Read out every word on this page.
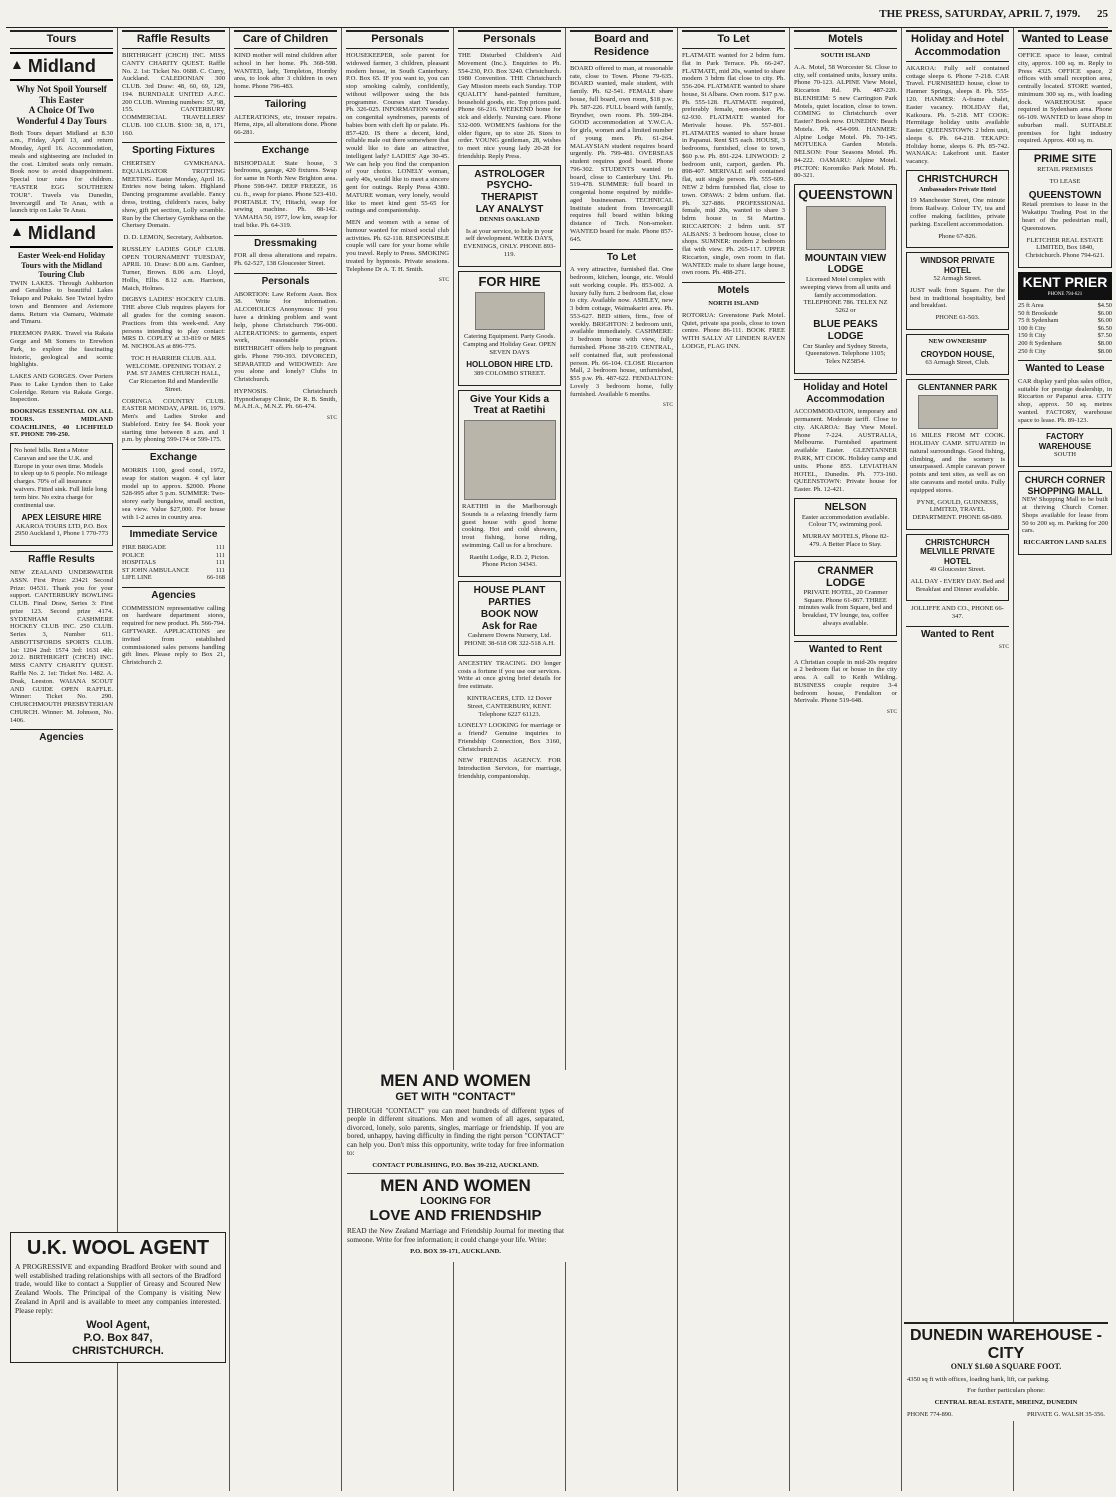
THE PRESS, SATURDAY, APRIL 7, 1979. 25
Tours
▲ Midland
Why Not Spoil Yourself This Easter
A Choice Of Two Wonderful 4 Day Tours
Both Tours depart Midland at 8.30 a.m., Friday, April 13, and return Monday, April 16. Accommodation, meals and sightseeing are included in the cost. Limited seats only remain. Book now to avoid disappointment. Special tour rates for children. "EASTER EGG SOUTHERN TOUR". Travels via Dunedin, Invercargill and Te Anau, with a launch trip on Lake Te Anau.
▲ Midland
Easter Week-end Holiday Tours with the Midland Touring Club
TWIN LAKES. Through Ashburton and Geraldine to beautiful Lakes Tekapo and Pukaki. See Twizel hydro town and Benmore and Aviemore dams. Return via Oamaru, Waimate and Timaru.
FREEMON PARK. Travel via Rakaia Gorge and Mt Somers to Erewhon Park, to explore the fascinating historic, geological and scenic highlights.
LAKES AND GORGES. Over Porters Pass to Lake Lyndon then to Lake Coleridge. Return via Rakaia Gorge. Inspection.
BOOKINGS ESSENTIAL ON ALL TOURS. MIDLAND COACHLINES, 40 LICHFIELD ST. PHONE 799-250.
No hotel bills. Rent a Motor Caravan and see the U.K. and Europe in your own time. Models to sleep up to 6 people. No mileage charges. 70% of all insurance waivers. Fitted sink. Full little long term hire. No extra charge for continental use.
APEX LEISURE HIRE
AKAROA TOURS LTD, P.O. Box 2950 Auckland 1, Phone 1 770-773
Raffle Results
NEW ZEALAND UNDERWATER ASSN. First Prize: 23421 Second Prize: 04531. Thank you for your support. CANTERBURY BOWLING CLUB. Final Draw, Series 3: First prize 123. Second prize 4174. SYDENHAM CASHMERE HOCKEY CLUB INC. 250 CLUB. Series 3, Number 611. ABBOTTSFORDS SPORTS CLUB. 1st: 1204 2nd: 1574 3rd: 1631 4th: 2012. BIRTHRIGHT (CHCH) INC. MISS CANTY CHARITY QUEST. Raffle No. 2. 1st: Ticket No. 1482. A. Doak, Leeston. WAIANA SCOUT AND GUIDE OPEN RAFFLE. Winner: Ticket No. 290. CHURCHMOUTH PRESBYTERIAN CHURCH. Winner: M. Johnson, No. 1406.
Agencies
Raffle Results
BIRTHRIGHT (CHCH) INC. MISS CANTY CHARITY QUEST. Raffle No. 2. 1st: Ticket No. 0688. C. Curry, Auckland. CALEDONIAN 300 CLUB. 3rd Draw: 48, 60, 69, 129, 194. BURNDALE UNITED A.F.C. 200 CLUB. Winning numbers: 57, 98, 155. CANTERBURY COMMERCIAL TRAVELLERS' CLUB. 100 CLUB. $100: 38, 8, 171, 160.
Sporting Fixtures
CHERTSEY GYMKHANA. EQUALISATOR TROTTING MEETING. Easter Monday, April 16. Entries now being taken. Highland Dancing programme available. Fancy dress, trotting, children's races, baby show, gift pet section, Lolly scramble. Run by the Chertsey Gymkhana on the Chertsey Domain.
D. D. LEMON, Secretary, Ashburton.
RUSSLEY LADIES GOLF CLUB. OPEN TOURNAMENT TUESDAY, APRIL 10. Draw: 8.00 a.m. Gardner, Turner, Brown. 8.06 a.m. Lloyd, Hollis, Ellis. 8.12 a.m. Harrison, Maich, Holmes.
DIGBYS LADIES' HOCKEY CLUB. THE above Club requires players for all grades for the coming season. Practices from this week-end. Any persons intending to play contact: MRS D. COPLEY at 33-819 or MRS M. NICHOLAS at 896-775.
TOC H HARRIER CLUB. ALL WELCOME. OPENING TODAY. 2 P.M. ST JAMES CHURCH HALL, Car Riccarton Rd and Mandeville Street.
CORINGA COUNTRY CLUB. EASTER MONDAY, APRIL 16, 1979. Men's and Ladies Stroke and Stableford. Entry fee $4. Book your starting time between 8 a.m. and 1 p.m. by phoning 599-174 or 599-175.
Exchange
MORRIS 1100, good cond., 1972, swap for station wagon. 4 cyl later model up to approx. $2000. Phone 528-995 after 5 p.m. SUMMER: Two-storey early bungalow, small section, sea view. Value $27,000. For house with 1-2 acres in country area.
Immediate Service
FIRE BRIGADE	111
POLICE	111
HOSPITALS	111
ST JOHN AMBULANCE	111
LIFE LINE	66-168
Agencies
COMMISSION representative calling on hardware department stores, required for new product. Ph. 566-794. GIFTWARE. APPLICATIONS are invited from established commissioned sales persons handling gift lines. Please reply to Box 21, Christchurch 2.
Care of Children
KIND mother will mind children after school in her home. Ph. 368-598. WANTED, lady, Templeton, Hornby area, to look after 3 children in own home. Phone 796-483.
Tailoring
ALTERATIONS, etc, trouser repairs. Hems, zips, all alterations done. Phone 66-281.
Exchange
BISHOPDALE State house, 3 bedrooms, garage, 420 fixtures. Swap for same in North New Brighton area. Phone 598-947. DEEP FREEZE, 16 cu. ft., swap for piano. Phone 523-410. PORTABLE TV, Hitachi, swap for sewing machine. Ph. 88-142. YAMAHA 50, 1977, low km, swap for trail bike. Ph. 64-319.
Dressmaking
FOR all dress alterations and repairs. Ph. 62-527, 138 Gloucester Street.
Personals
ABORTION: Law Reform Assn. Box 38. Write for information. ALCOHOLICS Anonymous: If you have a drinking problem and want help, phone Christchurch 796-000. ALTERATIONS: to garments, expert work, reasonable prices. BIRTHRIGHT offers help to pregnant girls. Phone 799-393. DIVORCED, SEPARATED and WIDOWED: Are you alone and lonely? Clubs in Christchurch.
HYPNOSIS. Christchurch Hypnotherapy Clinic, Dr R. B. Smith, M.A.H.A., M.N.Z. Ph. 66-474.
STC
Personals
HOUSEKEEPER, sole parent for widowed farmer, 3 children, pleasant modern house, in South Canterbury. P.O. Box 65. IF you want to, you can stop smoking calmly, confidently, without willpower using the Isis programme. Courses start Tuesday. Ph. 326-025. INFORMATION wanted on congenital syndromes, parents of babies born with cleft lip or palate. Ph. 857-420. IS there a decent, kind, reliable male out there somewhere that would like to date an attractive, intelligent lady? LADIES' Age 30-45. We can help you find the companion of your choice. LONELY woman, early 40s, would like to meet a sincere gent for outings. Reply Press 4380. MATURE woman, very lonely, would like to meet kind gent 55-65 for outings and companionship.
MEN and women with a sense of humour wanted for mixed social club activities. Ph. 62-118. RESPONSIBLE couple will care for your home while you travel. Reply to Press. SMOKING treated by hypnosis. Private sessions. Telephone Dr A. T. H. Smith.
STC
Personals
THE Disturbed Children's Aid Movement (Inc.). Enquiries to Ph. 554-230, P.O. Box 3240. Christchurch. 1980 Convention. THE Christchurch Gay Mission meets each Sunday. TOP QUALITY hand-painted furniture, household goods, etc. Top prices paid. Phone 66-216. WEEKEND home for sick and elderly. Nursing care. Phone 532-009. WOMEN'S fashions for the older figure, up to size 26. Sizes to order. YOUNG gentleman, 28, wishes to meet nice young lady 20-28 for friendship. Reply Press.
ASTROLOGER
PSYCHO-
THERAPIST
LAY ANALYST
DENNIS OAKLAND
Is at your service, to help in your self development. WEEK DAYS, EVENINGS, ONLY. PHONE 893-119.
FOR HIRE
Catering Equipment. Party Goods. Camping and Holiday Gear. OPEN SEVEN DAYS
HOLLOBON HIRE LTD.
389 COLOMBO STREET.
Give Your Kids a Treat at Raetihi
RAETIHI in the Marlborough Sounds is a relaxing friendly farm guest house with good home cooking. Hot and cold showers, trout fishing, horse riding, swimming. Call us for a brochure.
Raetihi Lodge, R.D. 2, Picton. Phone Picton 34343.
HOUSE PLANT
PARTIES
BOOK NOW
Ask for Rae
Cashmere Downs Nursery, Ltd. PHONE 38-618 OR 322-518 A.H.
ANCESTRY TRACING. DO longer costs a fortune if you use our services. Write at once giving brief details for free estimate.
KINTRACERS, LTD. 12 Dover Street, CANTERBURY, KENT. Telephone 6227 61123.
LONELY? LOOKING for marriage or a friend? Genuine inquiries to Friendship Connection, Box 3160, Christchurch 2.
NEW FRIENDS AGENCY. FOR Introduction Services, for marriage, friendship, companionship.
Board and Residence
BOARD offered to man, at reasonable rate, close to Town. Phone 79-635. BOARD wanted, male student, with family. Ph. 62-541. FEMALE share house, full board, own room, $18 p.w. Ph. 587-226. FULL board with family, Bryndwr, own room. Ph. 599-284. GOOD accommodation at Y.W.C.A. for girls, women and a limited number of young men. Ph. 61-264. MALAYSIAN student requires board urgently. Ph. 799-481. OVERSEAS student requires good board. Phone 796-302. STUDENTS wanted to board, close to Canterbury Uni. Ph. 519-478. SUMMER: full board in congenial home required by middle-aged businessman. TECHNICAL Institute student from Invercargill requires full board within biking distance of Tech. Non-smoker. WANTED board for male. Phone 857-645.
To Let
A very attractive, furnished flat. One bedroom, kitchen, lounge, etc. Would suit working couple. Ph. 853-002. A luxury fully furn. 2 bedroom flat, close to city. Available now. ASHLEY, new 3 bdrm cottage, Waimakariri area. Ph. 553-627. BED sitters, firm., free of weekly. BRIGHTON: 2 bedroom unit, available immediately. CASHMERE: 3 bedroom home with view, fully furnished. Phone 38-219. CENTRAL, self contained flat, suit professional person. Ph. 66-104. CLOSE Riccarton Mall, 2 bedroom house, unfurnished, $55 p.w. Ph. 487-622. FENDALTON: Lovely 3 bedroom home, fully furnished. Available 6 months.
STC
To Let
FLATMATE wanted for 2 bdrm furn. flat in Park Terrace. Ph. 66-247. FLATMATE, mid 20s, wanted to share modern 3 bdrm flat close to city. Ph. 556-204. FLATMATE wanted to share house, St Albans. Own room. $17 p.w. Ph. 555-128. FLATMATE required, preferably female, non-smoker. Ph. 62-930. FLATMATE wanted for Merivale house. Ph. 557-801. FLATMATES wanted to share house in Papanui. Rent $15 each. HOUSE, 3 bedrooms, furnished, close to town, $60 p.w. Ph. 891-224. LINWOOD: 2 bedroom unit, carport, garden. Ph. 898-407. MERIVALE self contained flat, suit single person. Ph. 555-609. NEW 2 bdrm furnished flat, close to town. OPAWA: 2 bdrm unfurn. flat. Ph. 327-886. PROFESSIONAL female, mid 20s, wanted to share 3 bdrm house in St Martins. RICCARTON: 2 bdrm unit. ST ALBANS: 3 bedroom house, close to shops. SUMNER: modern 2 bedroom flat with view. Ph. 265-117. UPPER Riccarton, single, own room in flat. WANTED: male to share large house, own room. Ph. 488-271.
Motels
NORTH ISLAND
ROTORUA: Greenstone Park Motel. Quiet, private spa pools, close to town centre. Phone 86-111. BOOK FREE WITH SALLY AT LINDEN RAVEN LODGE, FLAG INN.
Motels
SOUTH ISLAND
A.A. Motel, 58 Worcester St. Close to city, self contained units, luxury units. Phone 70-123. ALPINE View Motel, Riccarton Rd. Ph. 487-220. BLENHEIM: 5 new Carrington Park Motels, quiet location, close to town. COMING to Christchurch over Easter? Book now. DUNEDIN: Beach Motels. Ph. 454-099. HANMER: Alpine Lodge Motel. Ph. 70-145. MOTUEKA Garden Motels. NELSON: Four Seasons Motel. Ph. 84-222. OAMARU: Alpine Motel. PICTON: Koromiko Park Motel. Ph. 80-321.
QUEENSTOWN
MOUNTAIN VIEW
LODGE
Licensed Motel complex with sweeping views from all units and family accommodation. TELEPHONE 786. TELEX NZ 5262 or
BLUE PEAKS LODGE
Cnr Stanley and Sydney Streets, Queenstown. Telephone 1105; Telex NZ5854.
Holiday and Hotel Accommodation
ACCOMMODATION, temporary and permanent. Moderate tariff. Close to city. AKAROA: Bay View Motel. Phone 7-224. AUSTRALIA, Melbourne. Furnished apartment available Easter. GLENTANNER PARK, MT COOK. Holiday camp and units. Phone 855. LEVIATHAN HOTEL, Dunedin. Ph. 773-160. QUEENSTOWN: Private house for Easter. Ph. 12-421.
NELSON
Easter accommodation available. Colour TV, swimming pool.
MURRAY MOTELS, Phone 82-479. A Better Place to Stay.
CRANMER LODGE
PRIVATE HOTEL, 20 Cranmer Square. Phone 61-867. THREE minutes walk from Square, bed and breakfast, TV lounge, tea, coffee always available.
Wanted to Rent
A Christian couple in mid-20s require a 2 bedroom flat or house in the city area. A call to Keith Wilding. BUSINESS couple require 3-4 bedroom house, Fendalton or Merivale. Phone 519-648.
STC
Holiday and Hotel Accommodation
AKAROA: Fully self contained cottage sleeps 6. Phone 7-218. CAR Travel. FURNISHED house, close to Hanmer Springs, sleeps 8. Ph. 555-120. HANMER: A-frame chalet, Easter vacancy. HOLIDAY flat, Kaikoura. Ph. 5-218. MT COOK: Hermitage holiday units available Easter. QUEENSTOWN: 2 bdrm unit, sleeps 6. Ph. 64-218. TEKAPO: Holiday home, sleeps 6. Ph. 85-742. WANAKA: Lakefront unit. Easter vacancy.
CHRISTCHURCH
Ambassadors Private Hotel
19 Manchester Street, One minute from Railway. Colour TV, tea and coffee making facilities, private parking. Excellent accommodation.
Phone 67-826.
WINDSOR PRIVATE HOTEL
52 Armagh Street.
JUST walk from Square. For the best in traditional hospitality, bed and breakfast.
PHONE 61-503.
NEW OWNERSHIP
CROYDON HOUSE,
63 Armagh Street, Club.
GLENTANNER PARK
16 MILES FROM MT COOK. HOLIDAY CAMP. SITUATED in natural surroundings. Good fishing, climbing, and the scenery is unsurpassed. Ample caravan power points and tent sites, as well as on site caravans and motel units. Fully equipped stores.
PYNE, GOULD, GUINNESS, LIMITED, TRAVEL DEPARTMENT. PHONE 68-089.
CHRISTCHURCH MELVILLE PRIVATE HOTEL
49 Gloucester Street.
ALL DAY - EVERY DAY. Bed and Breakfast and Dinner available.
JOLLIFFE AND CO., PHONE 66-347.
Wanted to Rent
STC
Wanted to Lease
OFFICE space to lease, central city, approx. 100 sq. m. Reply to Press 4325. OFFICE space, 2 offices with small reception area, centrally located. STORE wanted, minimum 300 sq. m., with loading dock. WAREHOUSE space required in Sydenham area. Phone 66-109. WANTED to lease shop in suburban mall. SUITABLE premises for light industry required. Approx. 400 sq. m.
PRIME SITE
RETAIL PREMISES
TO LEASE
QUEENSTOWN
Retail premises to lease in the Wakatipu Trading Post in the heart of the pedestrian mall, Queenstown.
FLETCHER REAL ESTATE LIMITED, Box 1840, Christchurch. Phone 794-621.
KENT PRIER
PHONE 794-621
25 ft Area	$4.50
50 ft Brookside	$6.00
75 ft Sydenham	$6.00
100 ft City	$6.50
150 ft City	$7.50
200 ft Sydenham	$8.00
250 ft City	$8.00
Wanted to Lease
CAR display yard plus sales office, suitable for prestige dealership, in Riccarton or Papanui area. CITY shop, approx. 50 sq. metres wanted. FACTORY, warehouse space to lease. Ph. 89-123.
FACTORY WAREHOUSE
SOUTH
CHURCH CORNER
SHOPPING MALL
NEW Shopping Mall to be built at thriving Church Corner. Shops available for lease from 50 to 200 sq. m. Parking for 200 cars.
RICCARTON LAND SALES
U.K. WOOL AGENT
A PROGRESSIVE and expanding Bradford Broker with sound and well established trading relationships with all sectors of the Bradford trade, would like to contact a Supplier of Greasy and Scoured New Zealand Wools. The Principal of the Company is visiting New Zealand in April and is available to meet any companies interested. Please reply:
Wool Agent,
P.O. Box 847,
CHRISTCHURCH.
MEN AND WOMEN
GET WITH "CONTACT"
THROUGH "CONTACT" you can meet hundreds of different types of people in different situations. Men and women of all ages, separated, divorced, lonely, solo parents, singles, marriage or friendship. If you are bored, unhappy, having difficulty in finding the right person "CONTACT" can help you. Don't miss this opportunity, write today for free information to:
CONTACT PUBLISHING, P.O. Box 39-212, AUCKLAND.
MEN AND WOMEN
LOOKING FOR
LOVE AND FRIENDSHIP
READ the New Zealand Marriage and Friendship Journal for meeting that someone. Write for free information; it could change your life. Write:
P.O. BOX 39-171, AUCKLAND.
DUNEDIN WAREHOUSE -
CITY
ONLY $1.60 A SQUARE FOOT.
4350 sq ft with offices, loading bank, lift, car parking.
For further particulars phone:
CENTRAL REAL ESTATE, MREINZ, DUNEDIN
PHONE 774-890.	PRIVATE G. WALSH 35-356.
